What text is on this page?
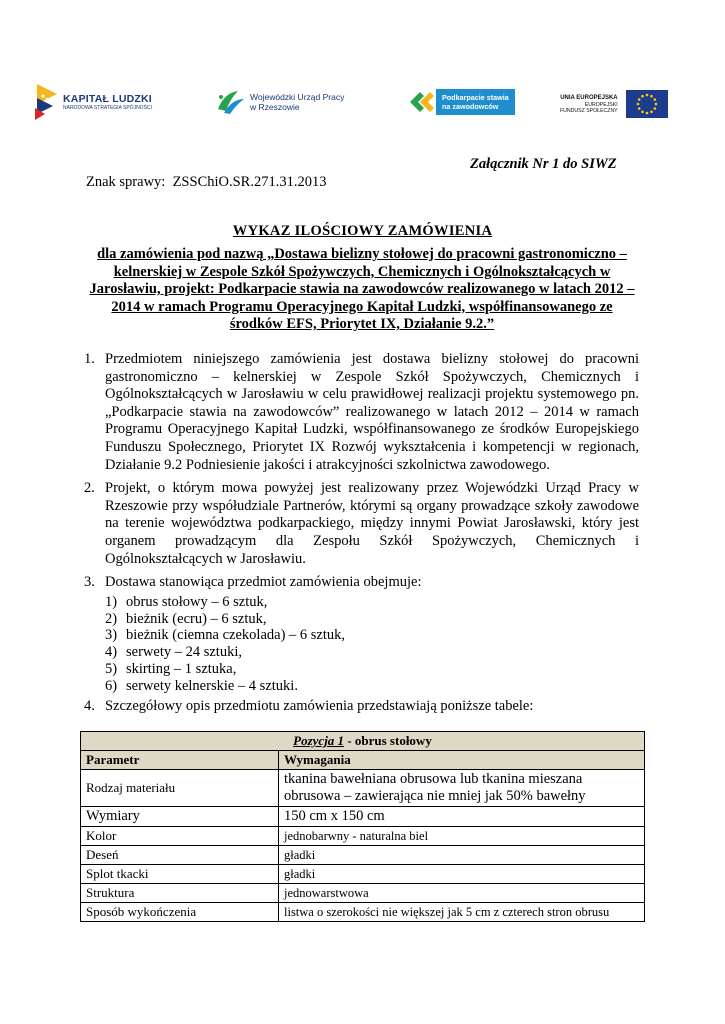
KAPITAŁ LUDZKI
NARODOWA STRATEGIA SPÓJNOŚCI
Wojewódzki Urząd Pracy
w Rzeszowie
Podkarpacie stawia
na zawodowców
UNIA EUROPEJSKA
EUROPEJSKI
FUNDUSZ SPOŁECZNY
Załącznik Nr 1 do SIWZ
Znak sprawy: ZSSChiO.SR.271.31.2013
WYKAZ ILOŚCIOWY ZAMÓWIENIA
dla zamówienia pod nazwą „Dostawa bielizny stołowej do pracowni gastronomiczno – kelnerskiej w Zespole Szkół Spożywczych, Chemicznych i Ogólnokształcących w Jarosławiu, projekt: Podkarpacie stawia na zawodowców realizowanego w latach 2012 – 2014 w ramach Programu Operacyjnego Kapitał Ludzki, współfinansowanego ze środków EFS, Priorytet IX, Działanie 9.2.”
1. Przedmiotem niniejszego zamówienia jest dostawa bielizny stołowej do pracowni gastronomiczno – kelnerskiej w Zespole Szkół Spożywczych, Chemicznych i Ogólnokształcących w Jarosławiu w celu prawidłowej realizacji projektu systemowego pn. „Podkarpacie stawia na zawodowców” realizowanego w latach 2012 – 2014 w ramach Programu Operacyjnego Kapitał Ludzki, współfinansowanego ze środków Europejskiego Funduszu Społecznego, Priorytet IX Rozwój wykształcenia i kompetencji w regionach, Działanie 9.2 Podniesienie jakości i atrakcyjności szkolnictwa zawodowego.
2. Projekt, o którym mowa powyżej jest realizowany przez Wojewódzki Urząd Pracy w Rzeszowie przy współudziale Partnerów, którymi są organy prowadzące szkoły zawodowe na terenie województwa podkarpackiego, między innymi Powiat Jarosławski, który jest organem prowadzącym dla Zespołu Szkół Spożywczych, Chemicznych i Ogólnokształcących w Jarosławiu.
3. Dostawa stanowiąca przedmiot zamówienia obejmuje:
1) obrus stołowy – 6 sztuk,
2) bieżnik (ecru) – 6 sztuk,
3) bieżnik (ciemna czekolada) – 6 sztuk,
4) serwety – 24 sztuki,
5) skirting – 1 sztuka,
6) serwety kelnerskie – 4 sztuki.
4. Szczegółowy opis przedmiotu zamówienia przedstawiają poniższe tabele:
Pozycja 1 - obrus stołowy	
Parametr	Wymagania
Rodzaj materiału	tkanina bawełniana obrusowa lub tkanina mieszana obrusowa – zawierająca nie mniej jak 50% bawełny
Wymiary	150 cm x 150 cm
Kolor	jednobarwny - naturalna biel
Deseń	gładki
Splot tkacki	gładki
Struktura	jednowarstwowa
Sposób wykończenia	listwa o szerokości nie większej jak 5 cm z czterech stron obrusu
